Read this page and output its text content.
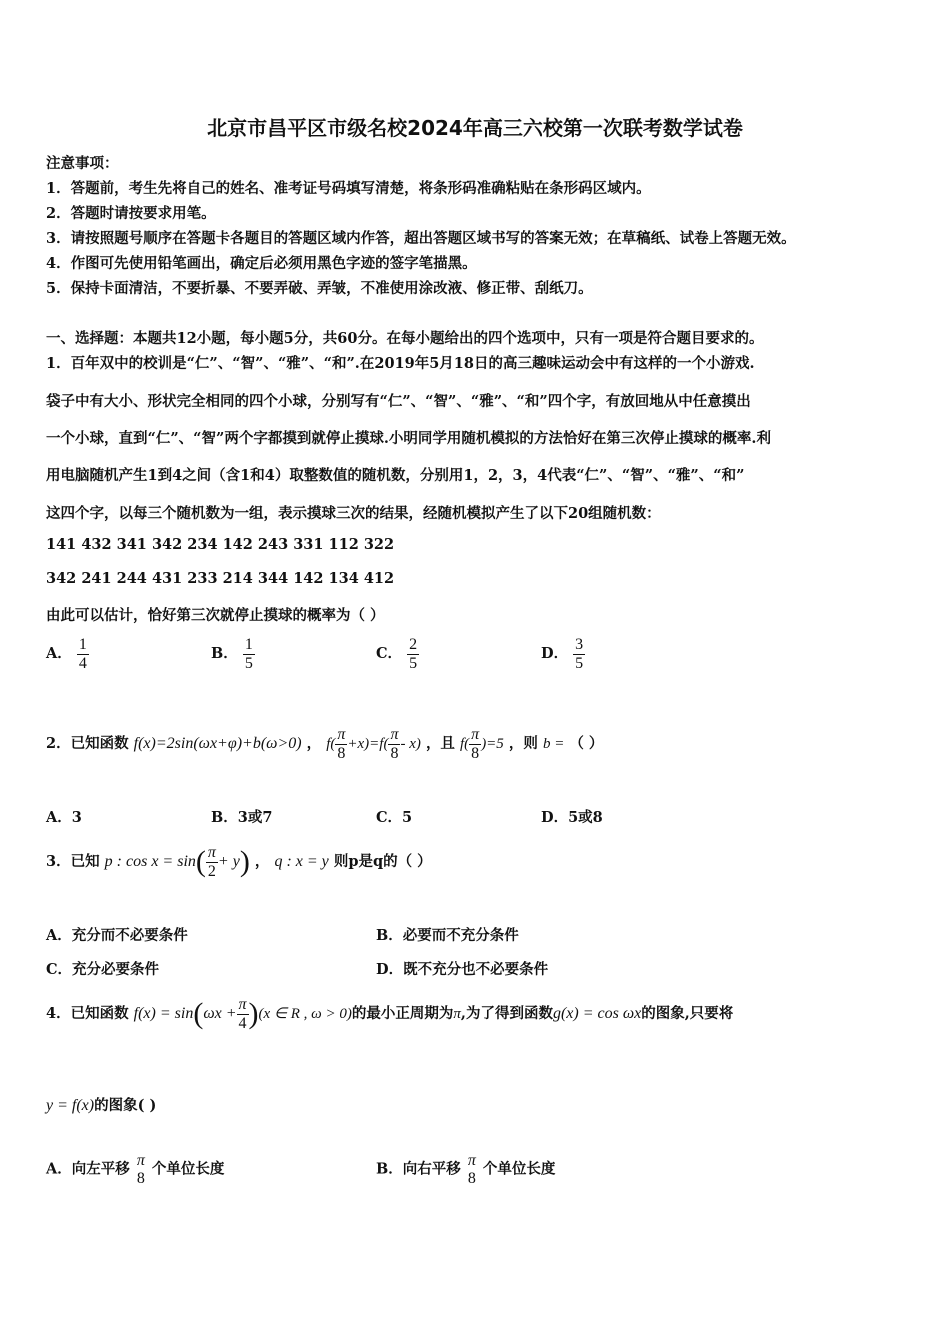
北京市昌平区市级名校2024年高三六校第一次联考数学试卷
注意事项：
1．答题前，考生先将自己的姓名、准考证号码填写清楚，将条形码准确粘贴在条形码区域内。
2．答题时请按要求用笔。
3．请按照题号顺序在答题卡各题目的答题区域内作答，超出答题区域书写的答案无效；在草稿纸、试卷上答题无效。
4．作图可先使用铅笔画出，确定后必须用黑色字迹的签字笔描黑。
5．保持卡面清洁，不要折暴、不要弄破、弄皱，不准使用涂改液、修正带、刮纸刀。
一、选择题：本题共12小题，每小题5分，共60分。在每小题给出的四个选项中，只有一项是符合题目要求的。
1．百年双中的校训是“仁”、“智”、“雅”、“和”.在2019年5月18日的高三趣味运动会中有这样的一个小游戏.
袋子中有大小、形状完全相同的四个小球，分别写有“仁”、“智”、“雅”、“和”四个字，有放回地从中任意摸出
一个小球，直到“仁”、“智”两个字都摸到就停止摸球.小明同学用随机模拟的方法恰好在第三次停止摸球的概率.利
用电脑随机产生1到4之间（含1和4）取整数值的随机数，分别用1，2，3，4代表“仁”、“智”、“雅”、“和”
这四个字，以每三个随机数为一组，表示摸球三次的结果，经随机模拟产生了以下20组随机数：
141 432 341 342 234 142 243 331 112 322
342 241 244 431 233 214 344 142 134 412
由此可以估计，恰好第三次就停止摸球的概率为（ ）
A． $\frac{1}{4}$	B． $\frac{1}{5}$	C． $\frac{2}{5}$	D． $\frac{3}{5}$
2．已知函数 f(x)=2sin(ωx+φ)+b(ω>0) ， $f( \frac{\pi}{8} +x)=f( \frac{\pi}{8} - x)$ ，且 $f( \frac{\pi}{8} )=5$ ，则 b = （ ）
A．3	B．3或7	C．5	D．5或8
3．已知 p : $\cos x = \sin( \frac{\pi}{2} + y)$ ， q : x = y 则p是q的（ ）
A．充分而不必要条件	B．必要而不充分条件
C．充分必要条件	D．既不充分也不必要条件
4．已知函数 $f(x) = \sin(\omega x + \frac{\pi}{4} )(x$ ∈ R , ω > 0)的最小正周期为π,为了得到函数g(x) = cos ωx的图象,只要将
y = f(x)的图象( )
A．向左平移
π
8
个单位长度	B．向右平移
π
8
个单位长度
